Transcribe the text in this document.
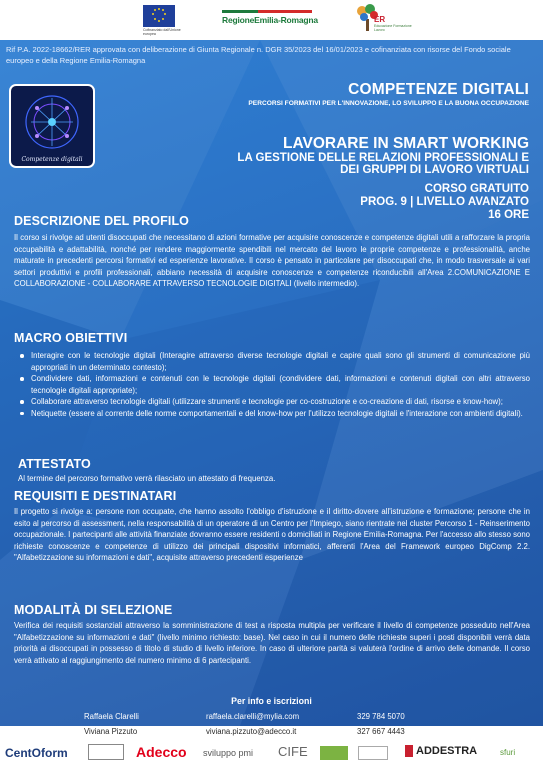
Cofinanziato dall'Unione europea
RegioneEmilia-Romagna	ER
Educazione Formazione Lavoro
Rif P.A. 2022-18662/RER approvata con deliberazione di Giunta Regionale n. DGR 35/2023 del 16/01/2023 e cofinanziata con risorse del Fondo sociale europeo e della Regione Emilia-Romagna
Competenze digitali
COMPETENZE DIGITALI
PERCORSI FORMATIVI PER L'INNOVAZIONE, LO SVILUPPO E LA BUONA OCCUPAZIONE
LAVORARE IN SMART WORKING
LA GESTIONE DELLE RELAZIONI PROFESSIONALI E
DEI GRUPPI DI LAVORO VIRTUALI
CORSO GRATUITO
PROG. 9 | LIVELLO AVANZATO
16 ORE
DESCRIZIONE DEL PROFILO
Il corso si rivolge ad utenti disoccupati che necessitano di azioni formative per acquisire conoscenze e competenze digitali utili a rafforzare la propria occupabilità e adattabilità, nonché per rendere maggiormente spendibili nel mercato del lavoro le proprie competenze e professionalità, anche maturate in precedenti percorsi formativi ed esperienze lavorative. Il corso è pensato in particolare per disoccupati che, in modo trasversale ai vari settori produttivi e profili professionali, abbiano necessità di acquisire conoscenze e competenze riconducibili all'Area 2.COMUNICAZIONE E COLLABORAZIONE - COLLABORARE ATTRAVERSO TECNOLOGIE DIGITALI (livello intermedio).
MACRO OBIETTIVI
Interagire con le tecnologie digitali (Interagire attraverso diverse tecnologie digitali e capire quali sono gli strumenti di comunicazione più appropriati in un determinato contesto);
Condividere dati, informazioni e contenuti con le tecnologie digitali (condividere dati, informazioni e contenuti digitali con altri attraverso tecnologie digitali appropriate);
Collaborare attraverso tecnologie digitali (utilizzare strumenti e tecnologie per co-costruzione e co-creazione di dati, risorse e know-how);
Netiquette (essere al corrente delle norme comportamentali e del know-how per l'utilizzo tecnologie digitali e l'interazione con ambienti digitali).
ATTESTATO
Al termine del percorso formativo verrà rilasciato un attestato di frequenza.
REQUISITI E DESTINATARI
Il progetto si rivolge a: persone non occupate, che hanno assolto l'obbligo d'istruzione e il diritto-dovere all'istruzione e formazione; persone che in esito al percorso di assessment, nella responsabilità di un operatore di un Centro per l'Impiego, siano rientrate nel cluster Percorso 1 - Reinserimento occupazionale. I partecipanti alle attività finanziate dovranno essere residenti o domiciliati in Regione Emilia-Romagna. Per l'accesso allo stesso sono richieste conoscenze e competenze di utilizzo dei principali dispositivi informatici, afferenti l'Area del Framework europeo DigComp 2.2. "Alfabetizzazione su informazioni e dati", acquisite attraverso precedenti esperienze
MODALITÀ DI SELEZIONE
Verifica dei requisiti sostanziali attraverso la somministrazione di test a risposta multipla per verificare il livello di competenze posseduto nell'Area "Alfabetizzazione su informazioni e dati" (livello minimo richiesto: base). Nel caso in cui il numero delle richieste superi i posti disponibili verrà data priorità ai disoccupati in possesso di titolo di studio di livello inferiore. In caso di ulteriore parità si valuterà l'ordine di arrivo delle domande. Il corso verrà attivato al raggiungimento del numero minimo di 6 partecipanti.
Per info e iscrizioni
Raffaela Clarelli	raffaela.clarelli@mylia.com	329 784 5070
Viviana Pizzuto	viviana.pizzuto@adecco.it	327 667 4443
CentOform	Adecco sviluppo pmi CIFE	ADDESTRA	sfuri
